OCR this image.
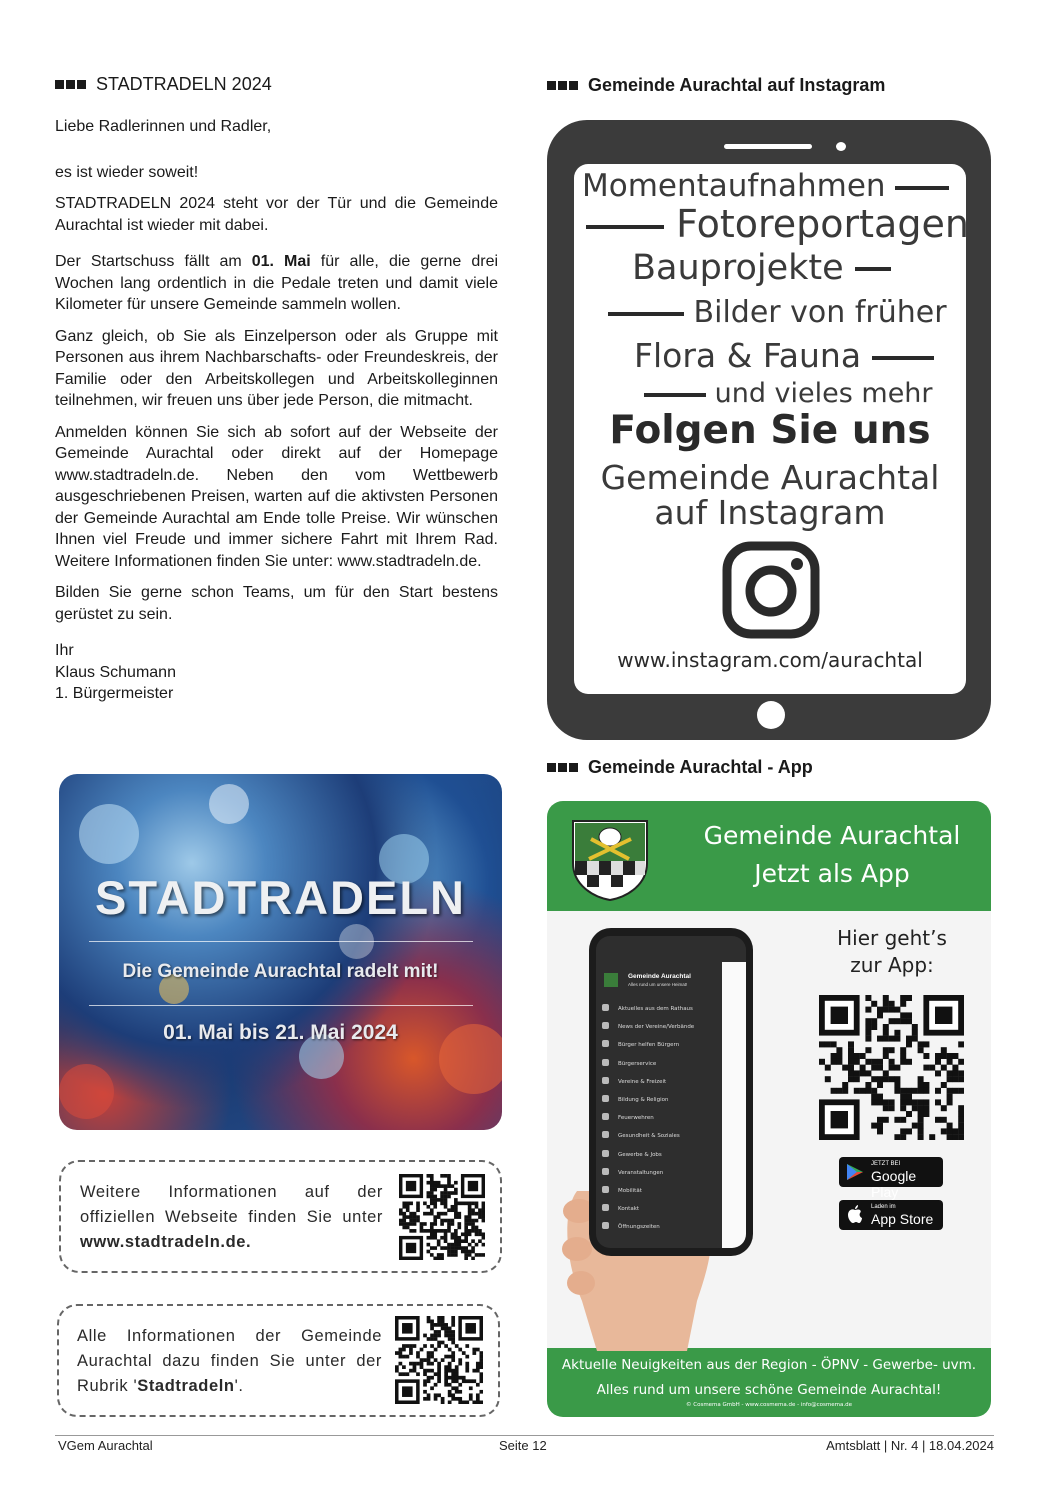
STADTRADELN 2024

Liebe Radlerinnen und Radler,

es ist wieder soweit!

STADTRADELN 2024 steht vor der Tür und die Gemeinde Aurachtal ist wieder mit dabei.

Der Startschuss fällt am 01. Mai für alle, die gerne drei Wochen lang ordentlich in die Pedale treten und damit viele Kilometer für unsere Gemeinde sammeln wollen.

Ganz gleich, ob Sie als Einzelperson oder als Gruppe mit Personen aus ihrem Nachbarschafts- oder Freundeskreis, der Familie oder den Arbeitskollegen und Arbeitskolleginnen teilnehmen, wir freuen uns über jede Person, die mitmacht.

Anmelden können Sie sich ab sofort auf der Webseite der Gemeinde Aurachtal oder direkt auf der Homepage www.stadtradeln.de. Neben den vom Wettbewerb ausgeschriebenen Preisen, warten auf die aktivsten Personen der Gemeinde Aurachtal am Ende tolle Preise. Wir wünschen Ihnen viel Freude und immer sichere Fahrt mit Ihrem Rad. Weitere Informationen finden Sie unter: www.stadtradeln.de.

Bilden Sie gerne schon Teams, um für den Start bestens gerüstet zu sein.

Ihr

Klaus Schumann

1. Bürgermeister

STADTRADELN
Die Gemeinde Aurachtal radelt mit!
01. Mai bis 21. Mai 2024
Weitere Informationen auf der offiziellen Webseite finden Sie unter www.stadtradeln.de.
Alle Informationen der Gemeinde Aurachtal dazu finden Sie unter der Rubrik 'Stadtradeln'.
Gemeinde Aurachtal auf Instagram
Momentaufnahmen
Fotoreportagen
Bauprojekte
Bilder von früher
Flora & Fauna
und vieles mehr
Folgen Sie uns
Gemeinde Aurachtal
auf Instagram
www.instagram.com/aurachtal
Gemeinde Aurachtal - App
Gemeinde Aurachtal
Jetzt als App
JETZT BEI
Google Play
Laden im
App Store
Hier geht’s
zur App:
Aktuelle Neuigkeiten aus der Region - ÖPNV - Gewerbe- uvm.
Alles rund um unsere schöne Gemeinde Aurachtal!
© Cosmema GmbH - www.cosmema.de - info@cosmema.de
Gemeinde Aurachtal
Alles rund um unsere Heimat!
Aktuelles aus dem Rathaus
News der Vereine/Verbände
Bürger helfen Bürgern
Bürgerservice
Vereine & Freizeit
Bildung & Religion
Feuerwehren
Gesundheit & Soziales
Gewerbe & Jobs
Veranstaltungen
Mobilität
Kontakt
Öffnungszeiten
VGem Aurachtal	Seite 12	Amtsblatt | Nr. 4 | 18.04.2024
